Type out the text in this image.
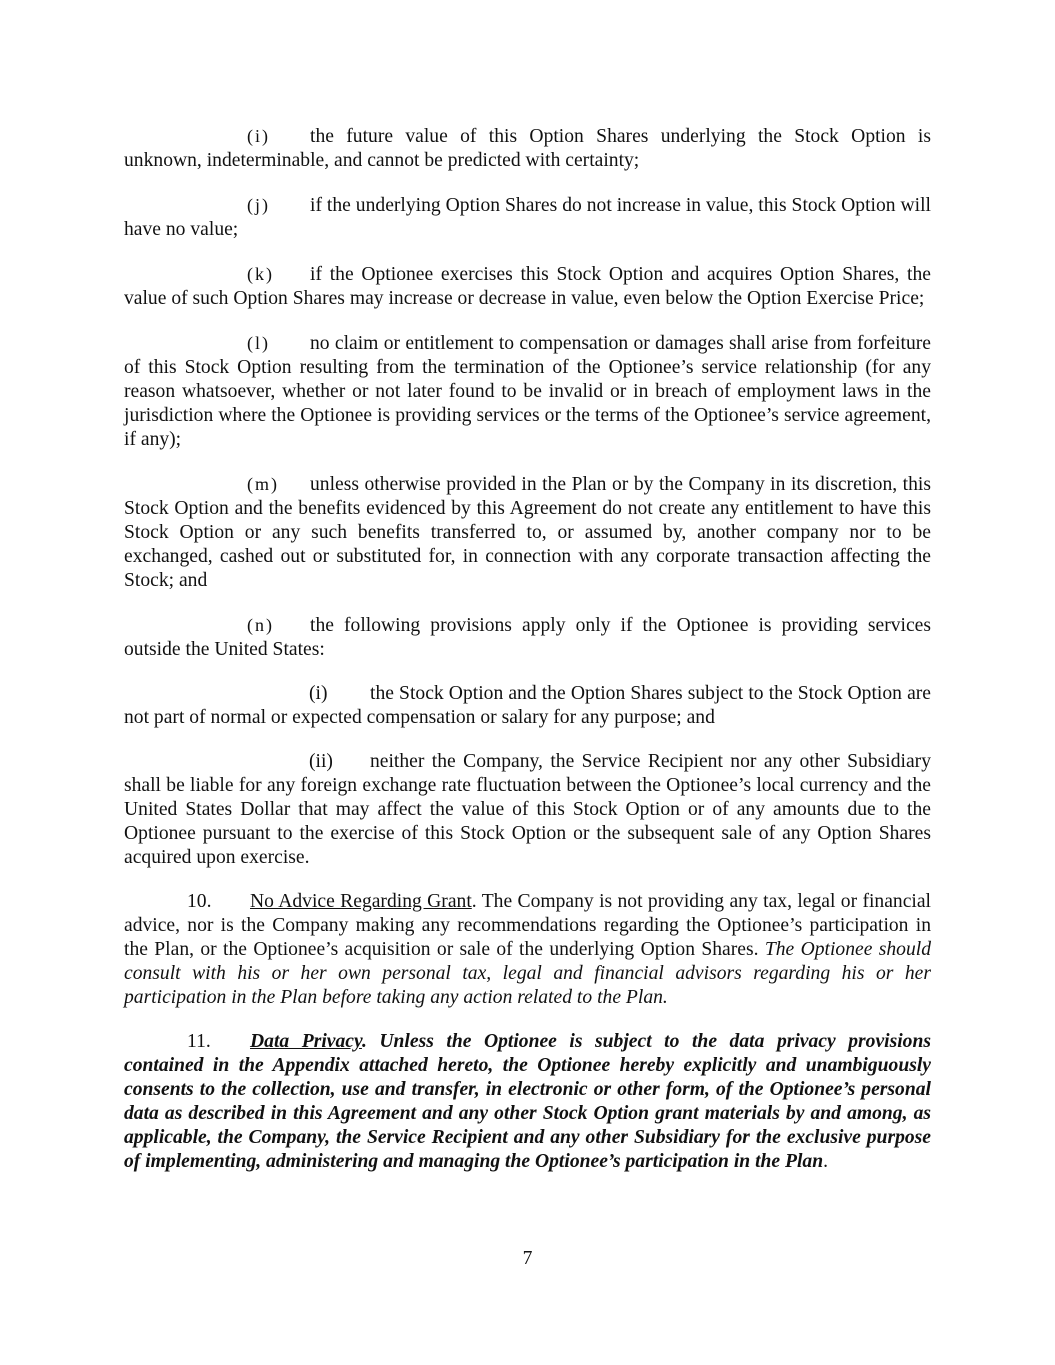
(i) the future value of this Option Shares underlying the Stock Option is unknown, indeterminable, and cannot be predicted with certainty;

(j) if the underlying Option Shares do not increase in value, this Stock Option will have no value;

(k) if the Optionee exercises this Stock Option and acquires Option Shares, the value of such Option Shares may increase or decrease in value, even below the Option Exercise Price;

(l) no claim or entitlement to compensation or damages shall arise from forfeiture of this Stock Option resulting from the termination of the Optionee’s service relationship (for any reason whatsoever, whether or not later found to be invalid or in breach of employment laws in the jurisdiction where the Optionee is providing services or the terms of the Optionee’s service agreement, if any);

(m) unless otherwise provided in the Plan or by the Company in its discretion, this Stock Option and the benefits evidenced by this Agreement do not create any entitlement to have this Stock Option or any such benefits transferred to, or assumed by, another company nor to be exchanged, cashed out or substituted for, in connection with any corporate transaction affecting the Stock; and

(n) the following provisions apply only if the Optionee is providing services outside the United States:

(i) the Stock Option and the Option Shares subject to the Stock Option are not part of normal or expected compensation or salary for any purpose; and

(ii) neither the Company, the Service Recipient nor any other Subsidiary shall be liable for any foreign exchange rate fluctuation between the Optionee’s local currency and the United States Dollar that may affect the value of this Stock Option or of any amounts due to the Optionee pursuant to the exercise of this Stock Option or the subsequent sale of any Option Shares acquired upon exercise.

10. No Advice Regarding Grant. The Company is not providing any tax, legal or financial advice, nor is the Company making any recommendations regarding the Optionee’s participation in the Plan, or the Optionee’s acquisition or sale of the underlying Option Shares. The Optionee should consult with his or her own personal tax, legal and financial advisors regarding his or her participation in the Plan before taking any action related to the Plan.

11. Data Privacy. Unless the Optionee is subject to the data privacy provisions contained in the Appendix attached hereto, the Optionee hereby explicitly and unambiguously consents to the collection, use and transfer, in electronic or other form, of the Optionee’s personal data as described in this Agreement and any other Stock Option grant materials by and among, as applicable, the Company, the Service Recipient and any other Subsidiary for the exclusive purpose of implementing, administering and managing the Optionee’s participation in the Plan.

7
